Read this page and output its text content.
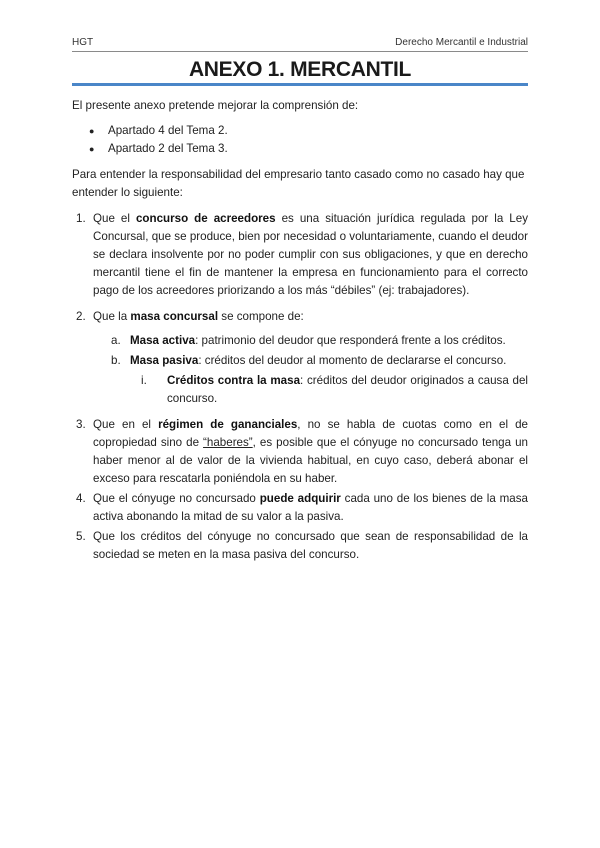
HGT	Derecho Mercantil e Industrial
ANEXO 1. MERCANTIL

El presente anexo pretende mejorar la comprensión de:

● Apartado 4 del Tema 2.
● Apartado 2 del Tema 3.

Para entender la responsabilidad del empresario tanto casado como no casado hay que entender lo siguiente:

1. Que el concurso de acreedores es una situación jurídica regulada por la Ley Concursal, que se produce, bien por necesidad o voluntariamente, cuando el deudor se declara insolvente por no poder cumplir con sus obligaciones, y que en derecho mercantil tiene el fin de mantener la empresa en funcionamiento para el correcto pago de los acreedores priorizando a los más “débiles” (ej: trabajadores).
2. Que la masa concursal se compone de:
a. Masa activa: patrimonio del deudor que responderá frente a los créditos.
b. Masa pasiva: créditos del deudor al momento de declararse el concurso.
i. Créditos contra la masa: créditos del deudor originados a causa del concurso.
3. Que en el régimen de gananciales, no se habla de cuotas como en el de copropiedad sino de “haberes”, es posible que el cónyuge no concursado tenga un haber menor al de valor de la vivienda habitual, en cuyo caso, deberá abonar el exceso para rescatarla poniéndola en su haber.
4. Que el cónyuge no concursado puede adquirir cada uno de los bienes de la masa activa abonando la mitad de su valor a la pasiva.
5. Que los créditos del cónyuge no concursado que sean de responsabilidad de la sociedad se meten en la masa pasiva del concurso.
